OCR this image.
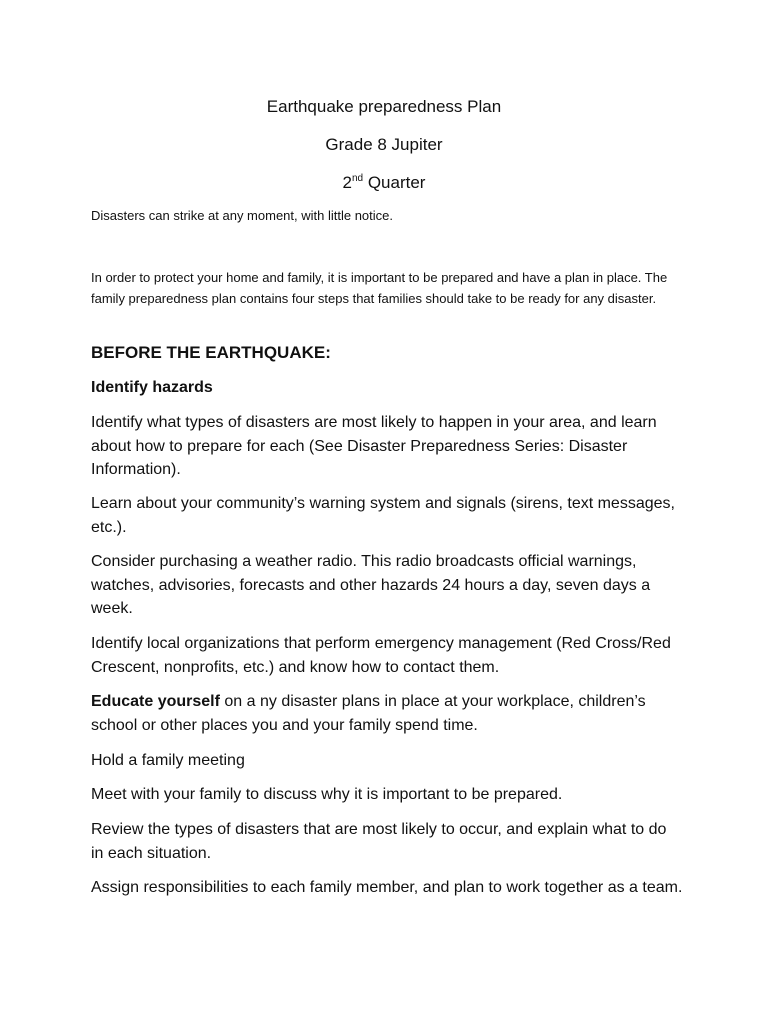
Earthquake preparedness Plan
Grade 8 Jupiter
2nd Quarter
Disasters can strike at any moment, with little notice.
In order to protect your home and family, it is important to be prepared and have a plan in place. The family preparedness plan contains four steps that families should take to be ready for any disaster.
BEFORE THE EARTHQUAKE:
Identify hazards
Identify what types of disasters are most likely to happen in your area, and learn about how to prepare for each (See Disaster Preparedness Series: Disaster Information).
Learn about your community’s warning system and signals (sirens, text messages, etc.).
Consider purchasing a weather radio. This radio broadcasts official warnings, watches, advisories, forecasts and other hazards 24 hours a day, seven days a week.
Identify local organizations that perform emergency management (Red Cross/Red Crescent, nonprofits, etc.) and know how to contact them.
Educate yourself on a ny disaster plans in place at your workplace, children’s school or other places you and your family spend time.
Hold a family meeting
Meet with your family to discuss why it is important to be prepared.
Review the types of disasters that are most likely to occur, and explain what to do in each situation.
Assign responsibilities to each family member, and plan to work together as a team.
